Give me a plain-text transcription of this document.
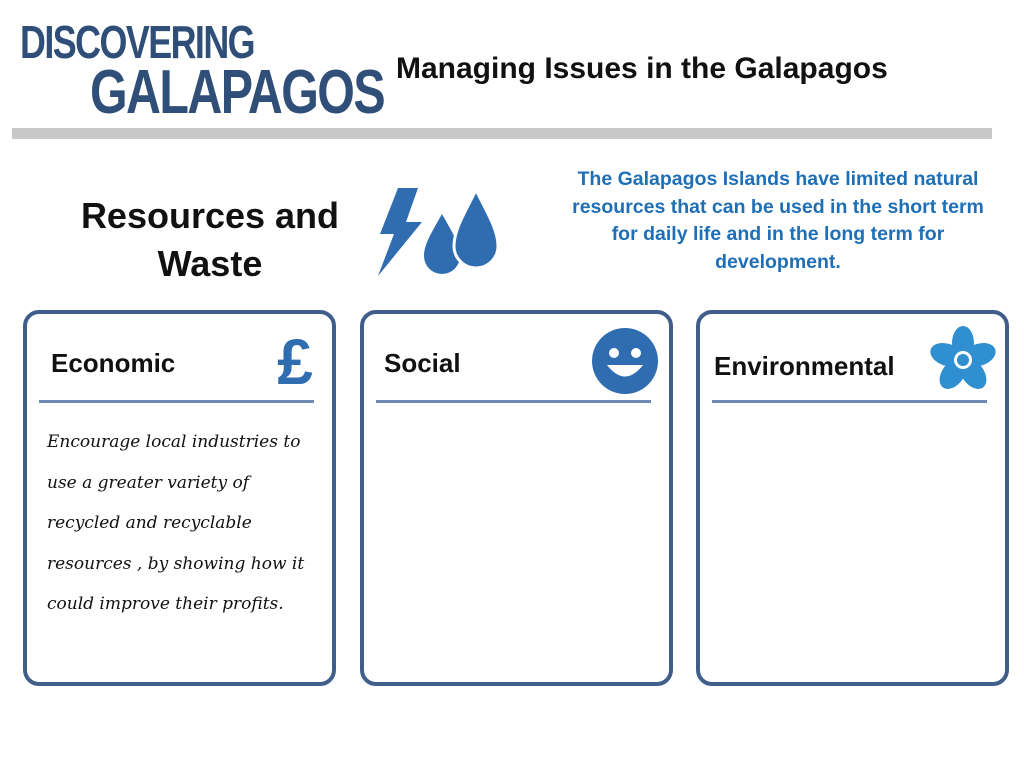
DISCOVERING
GALAPAGOS Managing Issues in the Galapagos
Resources and Waste
The Galapagos Islands have limited natural resources that can be used in the short term for daily life and in the long term for development.
Economic £
Encourage local industries to use a greater variety of recycled and recyclable resources , by showing how it could improve their profits.
Social	Environmental
